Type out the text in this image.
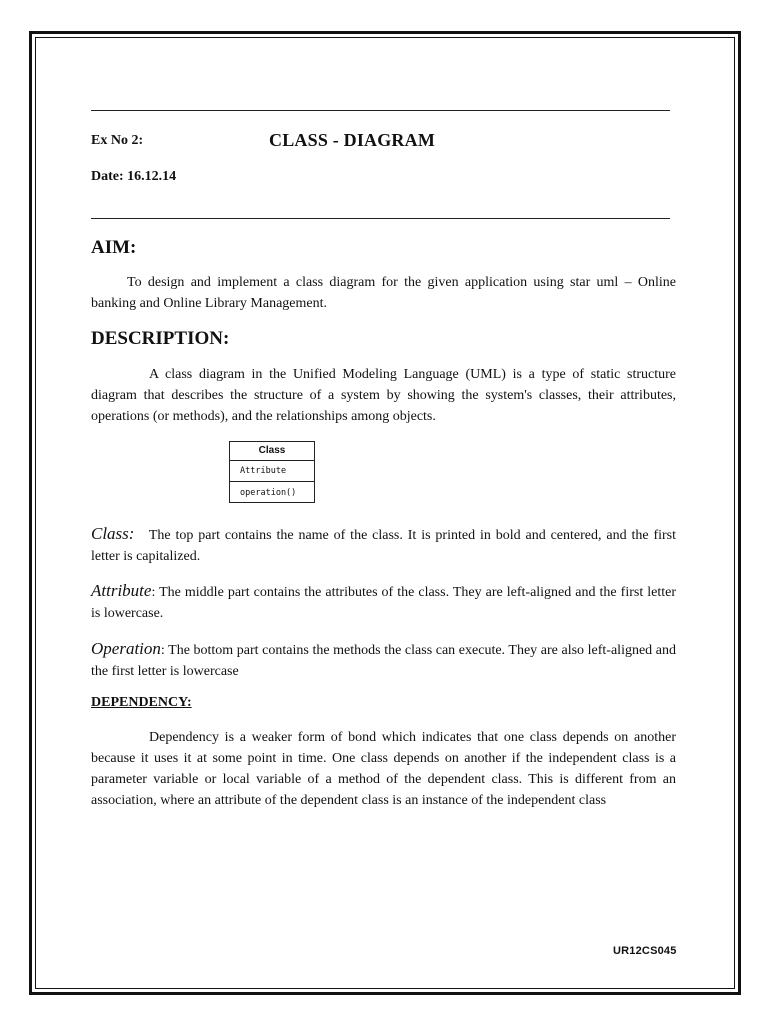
Ex No 2:	CLASS - DIAGRAM
Date: 16.12.14
AIM:

To design and implement a class diagram for the given application using star uml – Online banking and Online Library Management.

DESCRIPTION:

A class diagram in the Unified Modeling Language (UML) is a type of static structure diagram that describes the structure of a system by showing the system's classes, their attributes, operations (or methods), and the relationships among objects.

Class
Attribute
operation()

Class: The top part contains the name of the class. It is printed in bold and centered, and the first letter is capitalized.

Attribute: The middle part contains the attributes of the class. They are left-aligned and the first letter is lowercase.

Operation: The bottom part contains the methods the class can execute. They are also left-aligned and the first letter is lowercase

DEPENDENCY:

Dependency is a weaker form of bond which indicates that one class depends on another because it uses it at some point in time. One class depends on another if the independent class is a parameter variable or local variable of a method of the dependent class. This is different from an association, where an attribute of the dependent class is an instance of the independent class

UR12CS045
